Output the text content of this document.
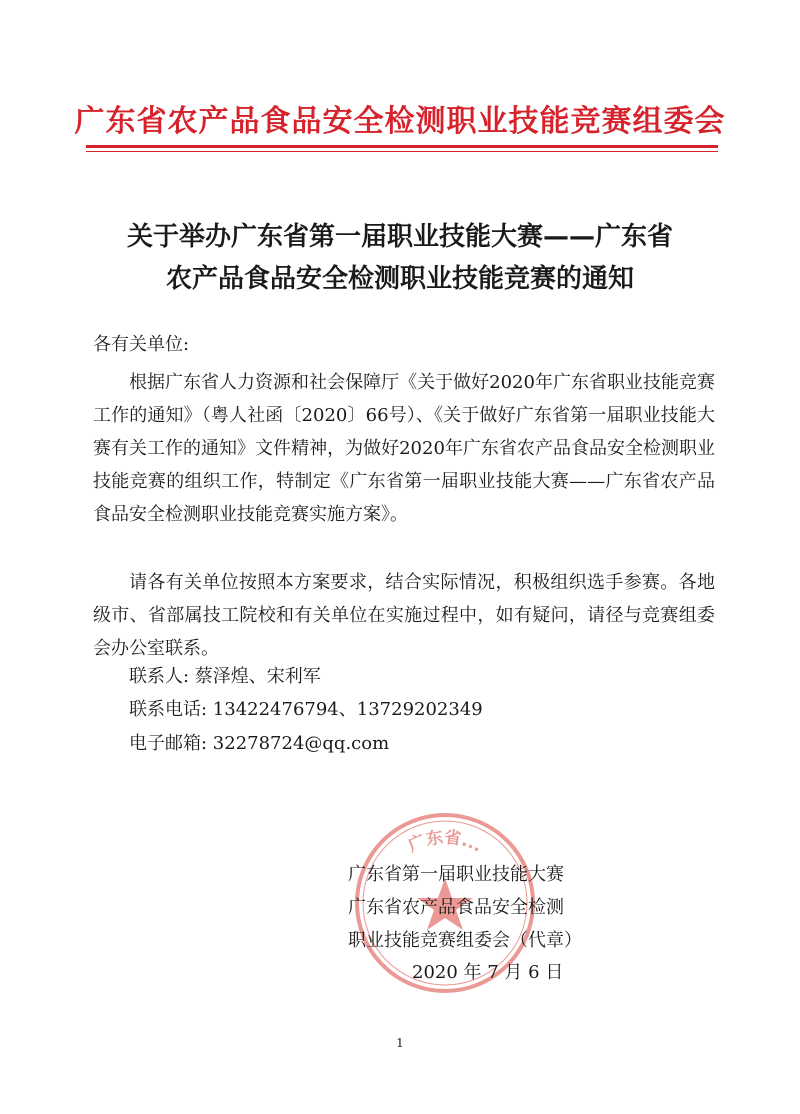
广东省农产品食品安全检测职业技能竞赛组委会
关于举办广东省第一届职业技能大赛——广东省
农产品食品安全检测职业技能竞赛的通知
各有关单位:
根据广东省人力资源和社会保障厅《关于做好2020年广东省职业技能竞赛工作的通知》（粤人社函〔2020〕66号）、《关于做好广东省第一届职业技能大赛有关工作的通知》文件精神，为做好2020年广东省农产品食品安全检测职业技能竞赛的组织工作，特制定《广东省第一届职业技能大赛——广东省农产品食品安全检测职业技能竞赛实施方案》。
请各有关单位按照本方案要求，结合实际情况，积极组织选手参赛。各地级市、省部属技工院校和有关单位在实施过程中，如有疑问，请径与竞赛组委会办公室联系。
联系人: 蔡泽煌、宋利军
联系电话: 13422476794、13729202349
电子邮箱: 32278724@qq.com
广东省...
广东省第一届职业技能大赛
广东省农产品食品安全检测
职业技能竞赛组委会（代章）
2020 年 7 月 6 日
1
